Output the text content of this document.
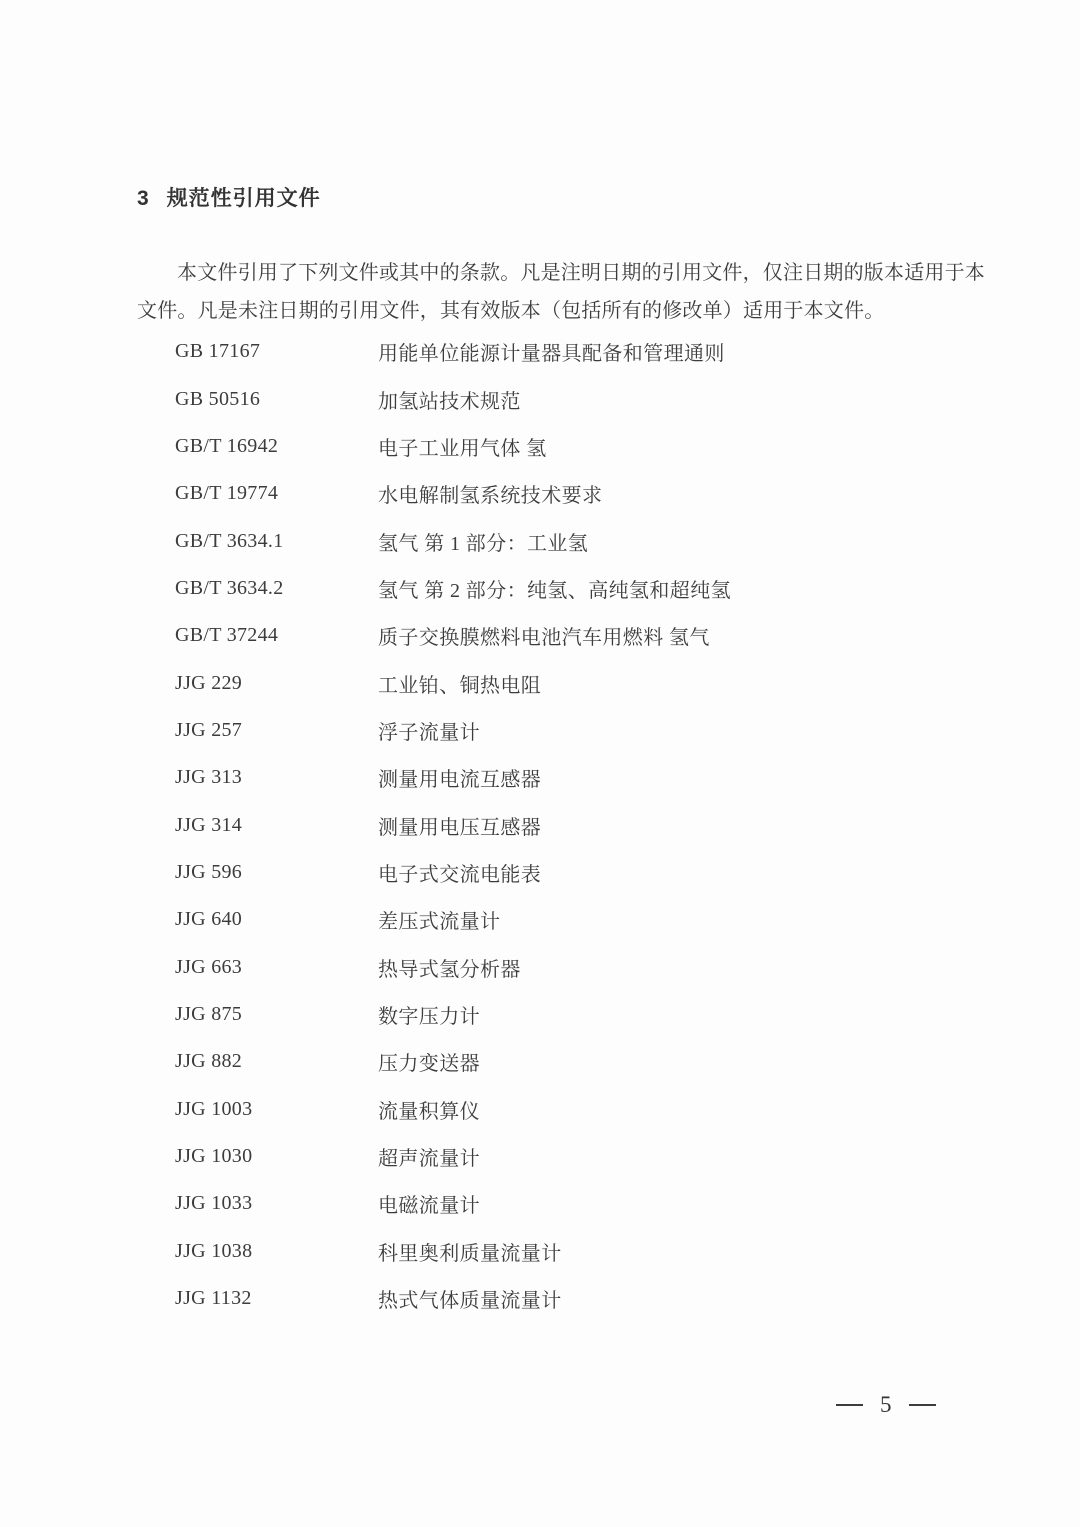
3 规范性引用文件
本文件引用了下列文件或其中的条款。凡是注明日期的引用文件，仅注日期的版本适用于本
文件。凡是未注日期的引用文件，其有效版本（包括所有的修改单）适用于本文件。
GB 17167	用能单位能源计量器具配备和管理通则
GB 50516	加氢站技术规范
GB/T 16942	电子工业用气体 氢
GB/T 19774	水电解制氢系统技术要求
GB/T 3634.1	氢气 第 1 部分：工业氢
GB/T 3634.2	氢气 第 2 部分：纯氢、高纯氢和超纯氢
GB/T 37244	质子交换膜燃料电池汽车用燃料 氢气
JJG 229	工业铂、铜热电阻
JJG 257	浮子流量计
JJG 313	测量用电流互感器
JJG 314	测量用电压互感器
JJG 596	电子式交流电能表
JJG 640	差压式流量计
JJG 663	热导式氢分析器
JJG 875	数字压力计
JJG 882	压力变送器
JJG 1003	流量积算仪
JJG 1030	超声流量计
JJG 1033	电磁流量计
JJG 1038	科里奥利质量流量计
JJG 1132	热式气体质量流量计
5
